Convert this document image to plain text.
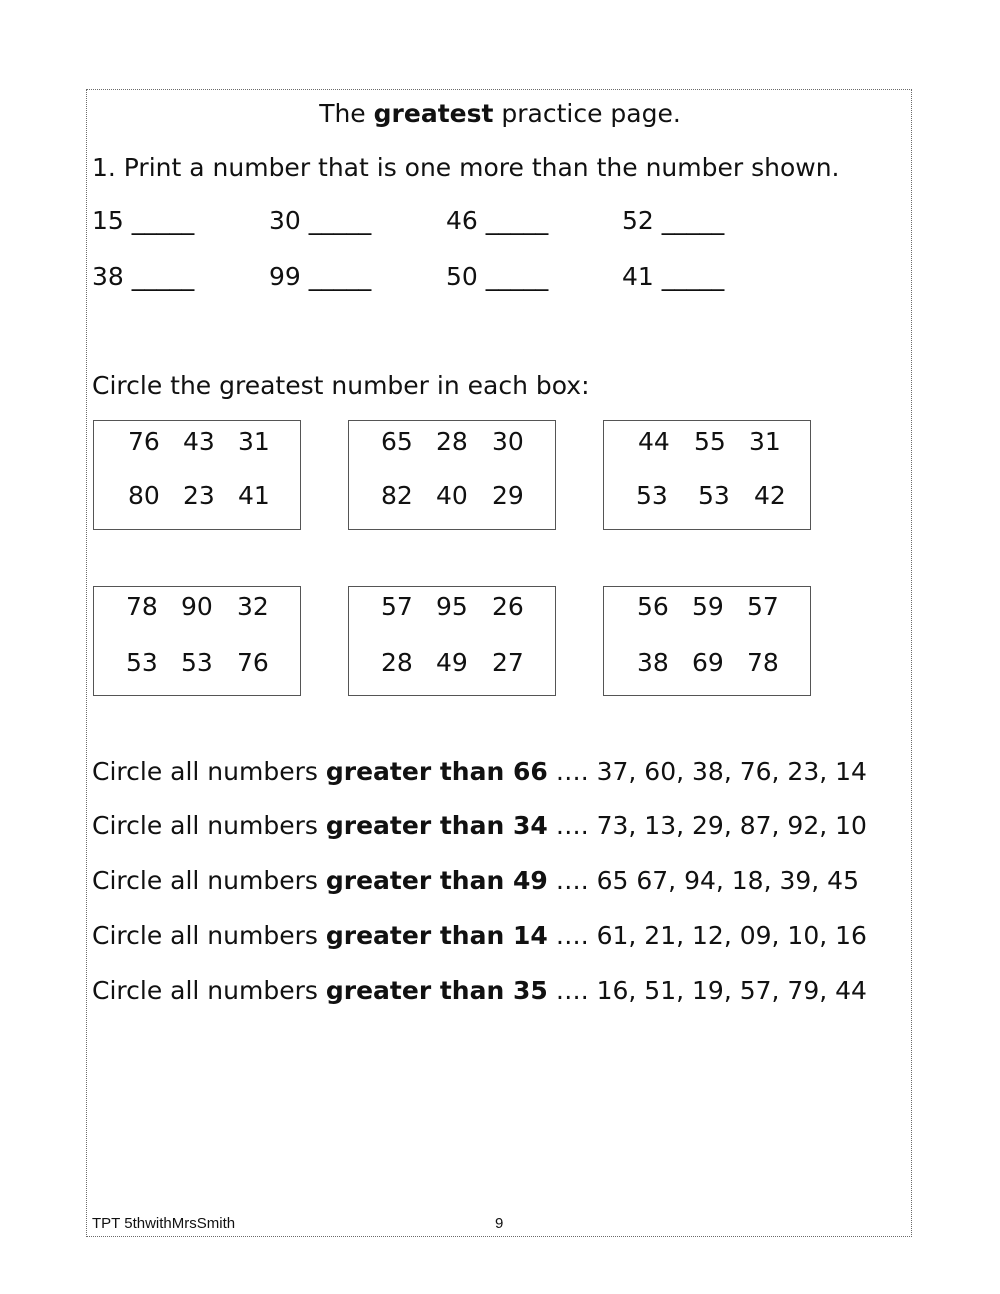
The greatest practice page.
1. Print a number that is one more than the number shown.
15 _____	30 _____	46 _____	52 _____
38 _____	99 _____	50 _____	41 _____
Circle the greatest number in each box:
76 43 31
80 23 41
65 28 30
82 40 29
44 55 31
53 53 42
78 90 32
53 53 76
57 95 26
28 49 27
56 59 57
38 69 78
Circle all numbers greater than 66 …. 37, 60, 38, 76, 23, 14
Circle all numbers greater than 34 …. 73, 13, 29, 87, 92, 10
Circle all numbers greater than 49 …. 65 67, 94, 18, 39, 45
Circle all numbers greater than 14 …. 61, 21, 12, 09, 10, 16
Circle all numbers greater than 35 …. 16, 51, 19, 57, 79, 44
TPT 5thwithMrsSmith	9
